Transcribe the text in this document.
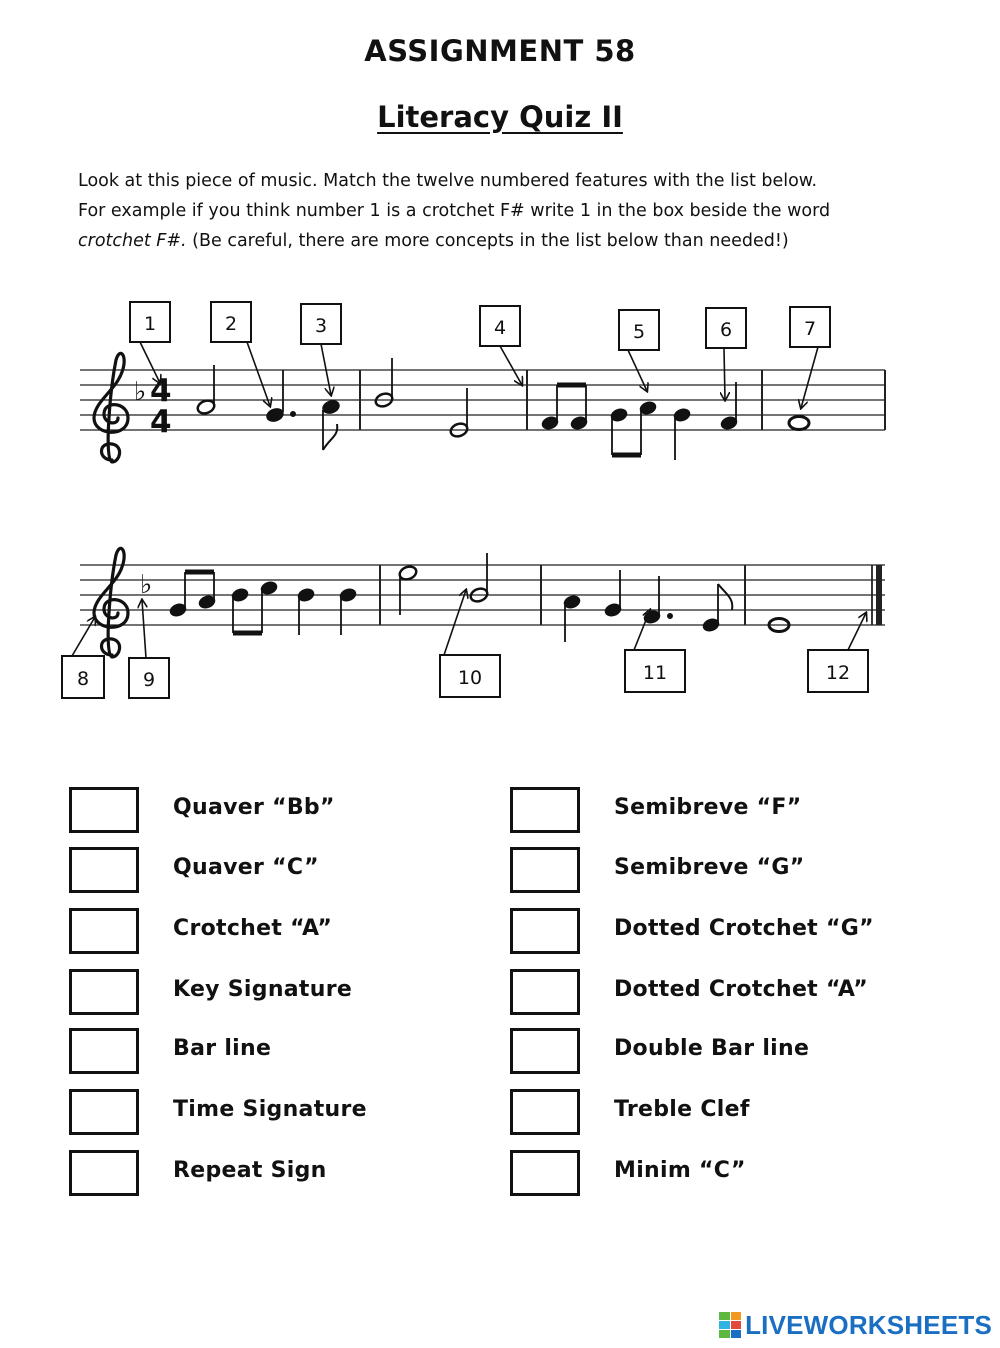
ASSIGNMENT 58
Literacy Quiz II

Look at this piece of music. Match the twelve numbered features with the list below.

For example if you think number 1 is a crotchet F# write 1 in the box beside the word

crotchet F#. (Be careful, there are more concepts in the list below than needed!)

♭ 4
4
♭
1	2	3	4	5	6	7
8	9	10	11	12
Quaver “Bb”
Quaver “C”
Crotchet “A”
Key Signature
Bar line
Time Signature
Repeat Sign
Semibreve “F”
Semibreve “G”
Dotted Crotchet “G”
Dotted Crotchet “A”
Double Bar line
Treble Clef
Minim “C”
LIVEWORKSHEETS
